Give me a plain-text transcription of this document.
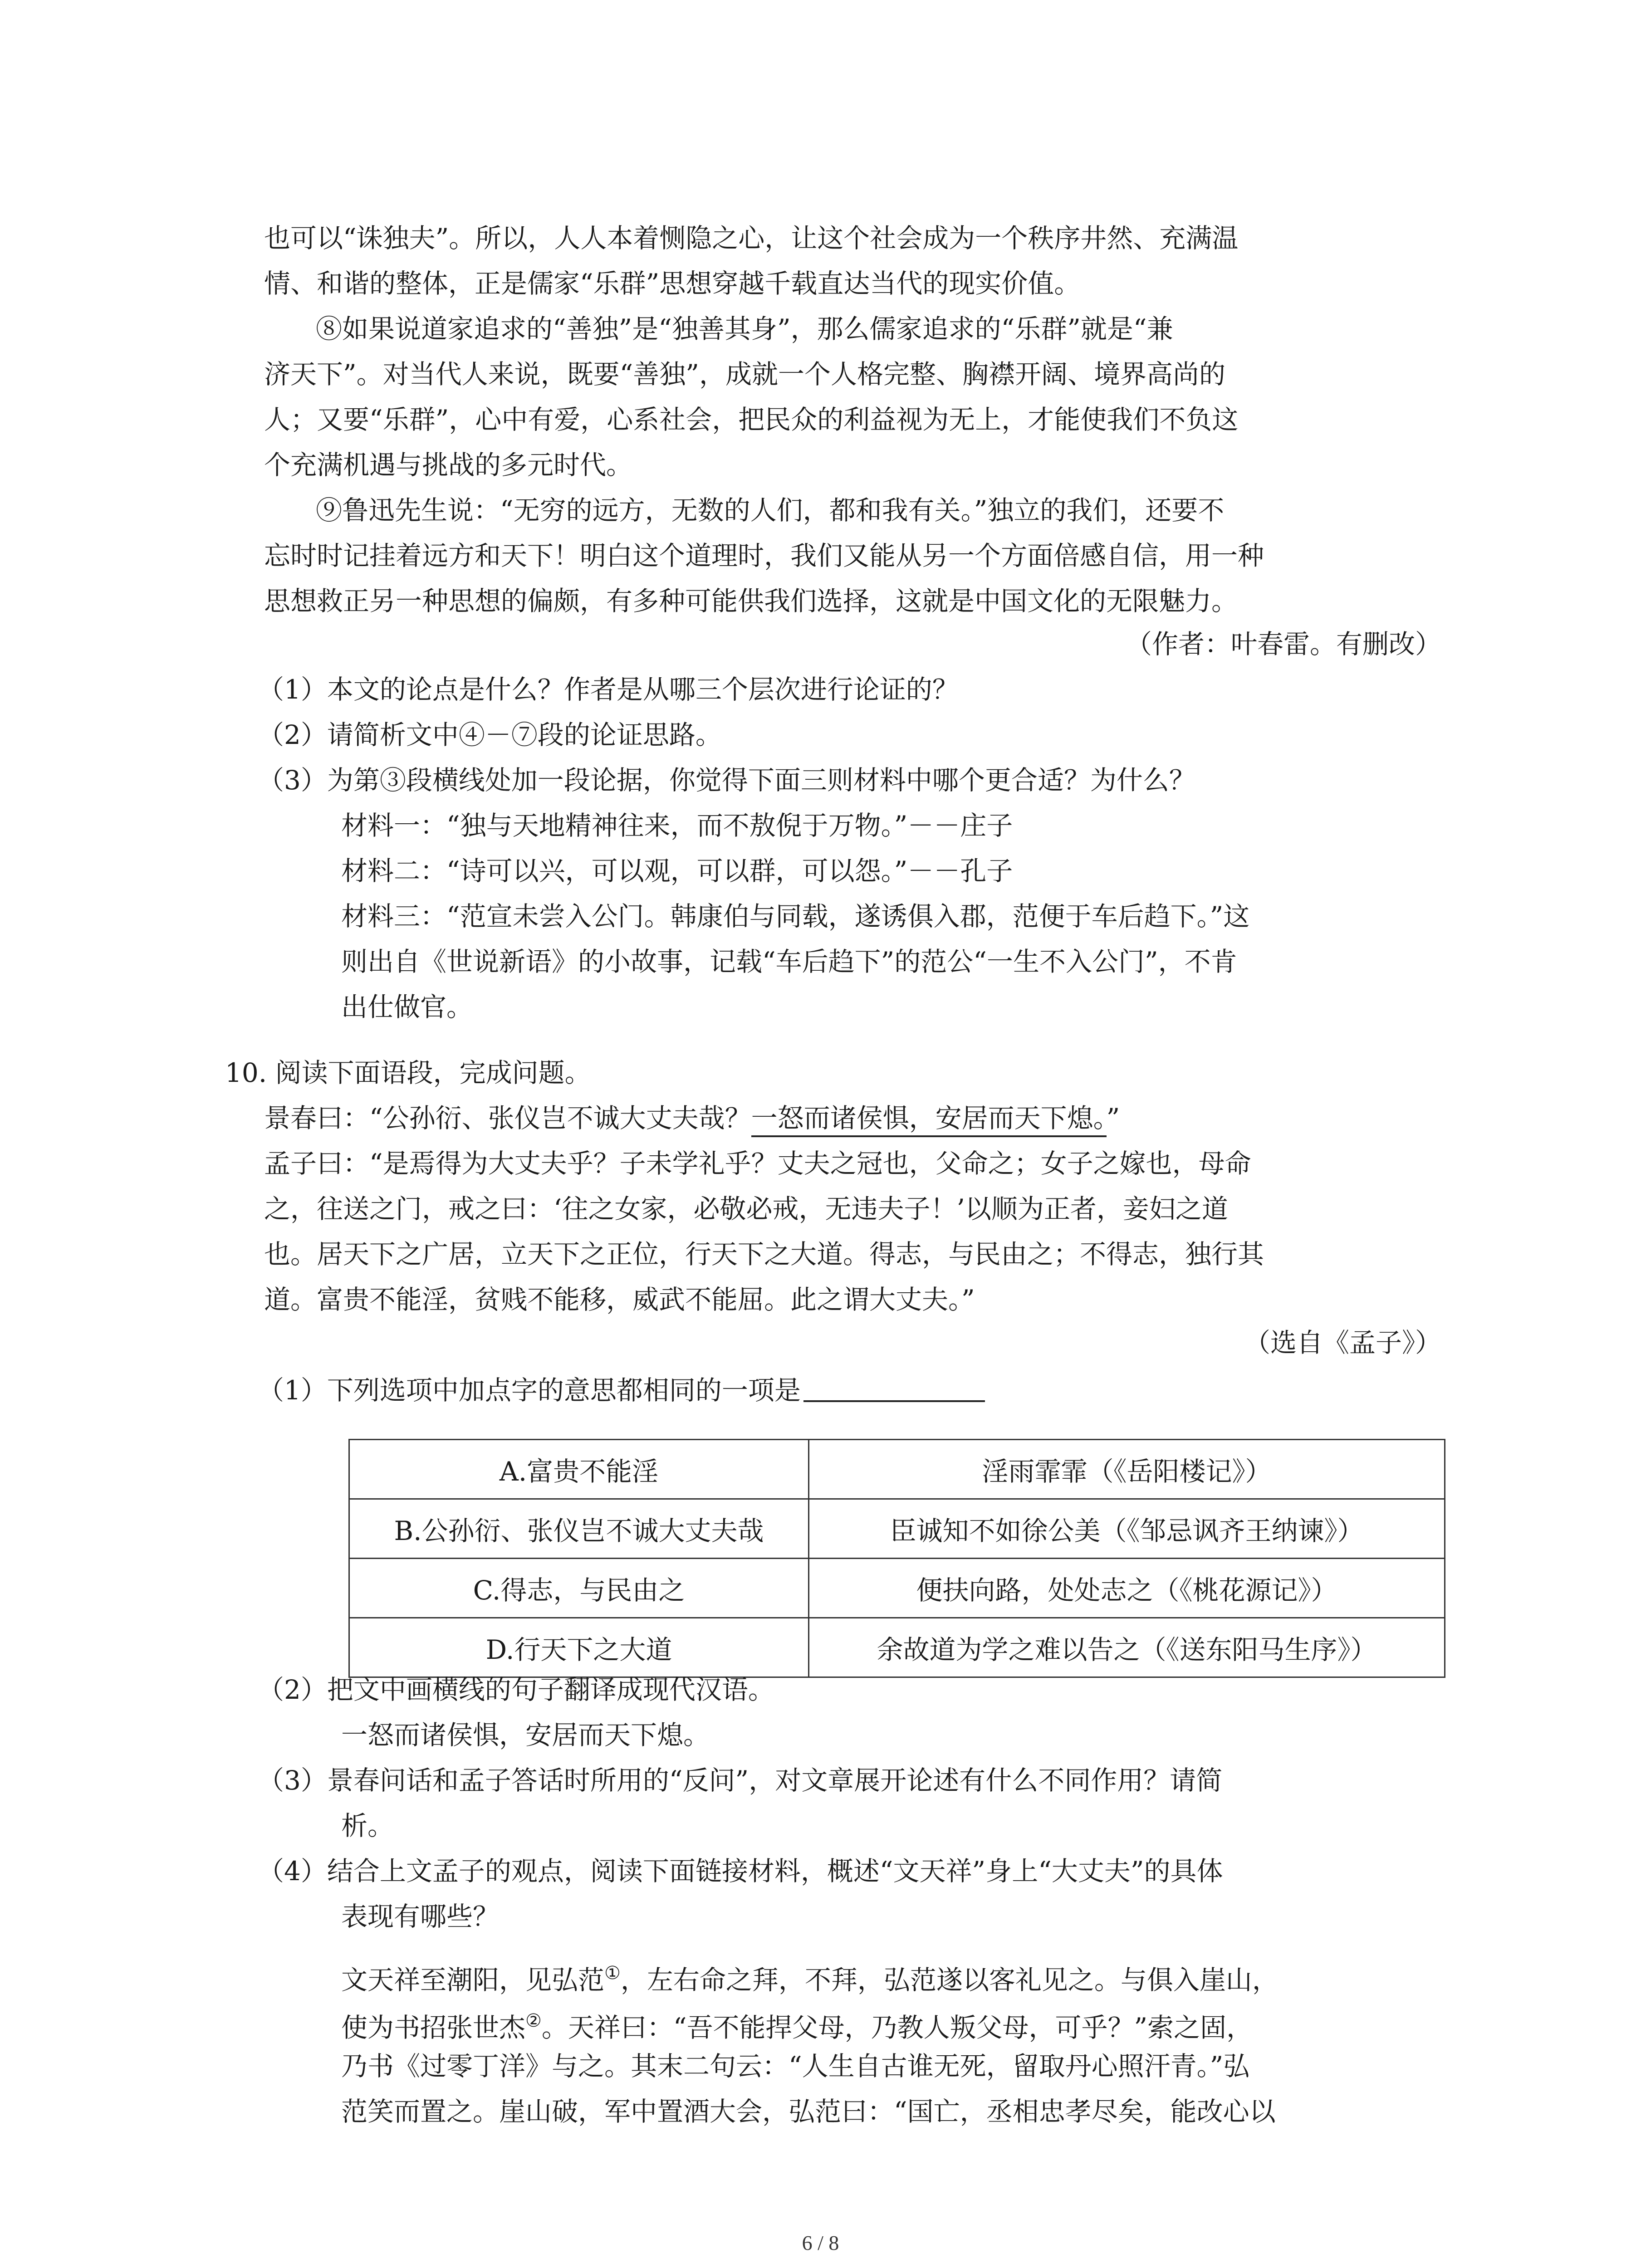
也可以“诛独夫”。所以，人人本着恻隐之心，让这个社会成为一个秩序井然、充满温
情、和谐的整体，正是儒家“乐群”思想穿越千载直达当代的现实价值。
⑧如果说道家追求的“善独”是“独善其身”，那么儒家追求的“乐群”就是“兼
济天下”。对当代人来说，既要“善独”，成就一个人格完整、胸襟开阔、境界高尚的
人；又要“乐群”，心中有爱，心系社会，把民众的利益视为无上，才能使我们不负这
个充满机遇与挑战的多元时代。
⑨鲁迅先生说：“无穷的远方，无数的人们，都和我有关。”独立的我们，还要不
忘时时记挂着远方和天下！明白这个道理时，我们又能从另一个方面倍感自信，用一种
思想救正另一种思想的偏颇，有多种可能供我们选择，这就是中国文化的无限魅力。
（作者：叶春雷。有删改）
（1）本文的论点是什么？作者是从哪三个层次进行论证的？
（2）请简析文中④－⑦段的论证思路。
（3）为第③段横线处加一段论据，你觉得下面三则材料中哪个更合适？为什么？
材料一：“独与天地精神往来，而不敖倪于万物。”－－庄子
材料二：“诗可以兴，可以观，可以群，可以怨。”－－孔子
材料三：“范宣未尝入公门。韩康伯与同载，遂诱俱入郡，范便于车后趋下。”这
则出自《世说新语》的小故事，记载“车后趋下”的范公“一生不入公门”，不肯
出仕做官。
10. 阅读下面语段，完成问题。
景春曰：“公孙衍、张仪岂不诚大丈夫哉？一怒而诸侯惧，安居而天下熄。”
孟子曰：“是焉得为大丈夫乎？子未学礼乎？丈夫之冠也，父命之；女子之嫁也，母命
之，往送之门，戒之曰：‘往之女家，必敬必戒，无违夫子！’以顺为正者，妾妇之道
也。居天下之广居，立天下之正位，行天下之大道。得志，与民由之；不得志，独行其
道。富贵不能淫，贫贱不能移，威武不能屈。此之谓大丈夫。”
（选自《孟子》）
（1）下列选项中加点字的意思都相同的一项是
A.富贵不能淫	淫雨霏霏（《岳阳楼记》）
B.公孙衍、张仪岂不诚大丈夫哉	臣诚知不如徐公美（《邹忌讽齐王纳谏》）
C.得志，与民由之	便扶向路，处处志之（《桃花源记》）
D.行天下之大道	余故道为学之难以告之（《送东阳马生序》）
（2）把文中画横线的句子翻译成现代汉语。
一怒而诸侯惧，安居而天下熄。
（3）景春问话和孟子答话时所用的“反问”，对文章展开论述有什么不同作用？请简
析。
（4）结合上文孟子的观点，阅读下面链接材料，概述“文天祥”身上“大丈夫”的具体
表现有哪些？
文天祥至潮阳，见弘范①，左右命之拜，不拜，弘范遂以客礼见之。与俱入崖山，
使为书招张世杰②。天祥曰：“吾不能捍父母，乃教人叛父母，可乎？”索之固，
乃书《过零丁洋》与之。其末二句云：“人生自古谁无死，留取丹心照汗青。”弘
范笑而置之。崖山破，军中置酒大会，弘范曰：“国亡，丞相忠孝尽矣，能改心以
6 / 8
